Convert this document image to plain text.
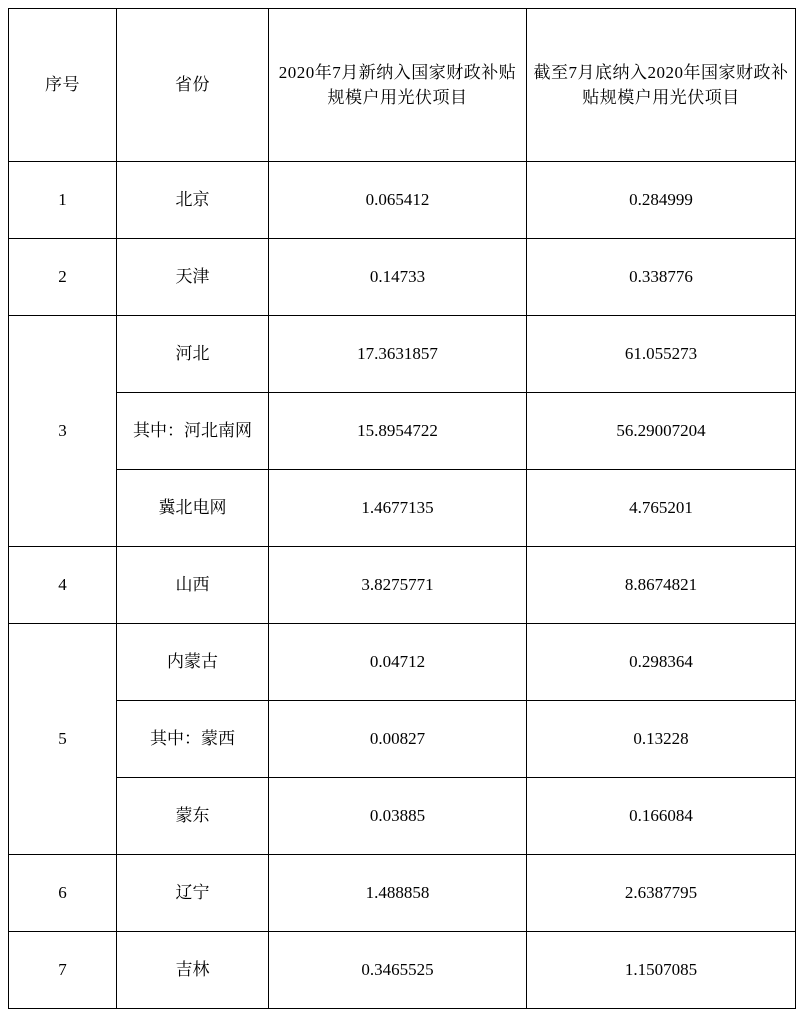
序号	省份	2020年7月新纳入国家财政补贴规模户用光伏项目	截至7月底纳入2020年国家财政补贴规模户用光伏项目
1	北京	0.065412	0.284999
2	天津	0.14733	0.338776
3	河北	17.3631857	61.055273
	其中：河北南网	15.8954722	56.29007204
	冀北电网	1.4677135	4.765201
4	山西	3.8275771	8.8674821
5	内蒙古	0.04712	0.298364
	其中：蒙西	0.00827	0.13228
	蒙东	0.03885	0.166084
6	辽宁	1.488858	2.6387795
7	吉林	0.3465525	1.1507085
